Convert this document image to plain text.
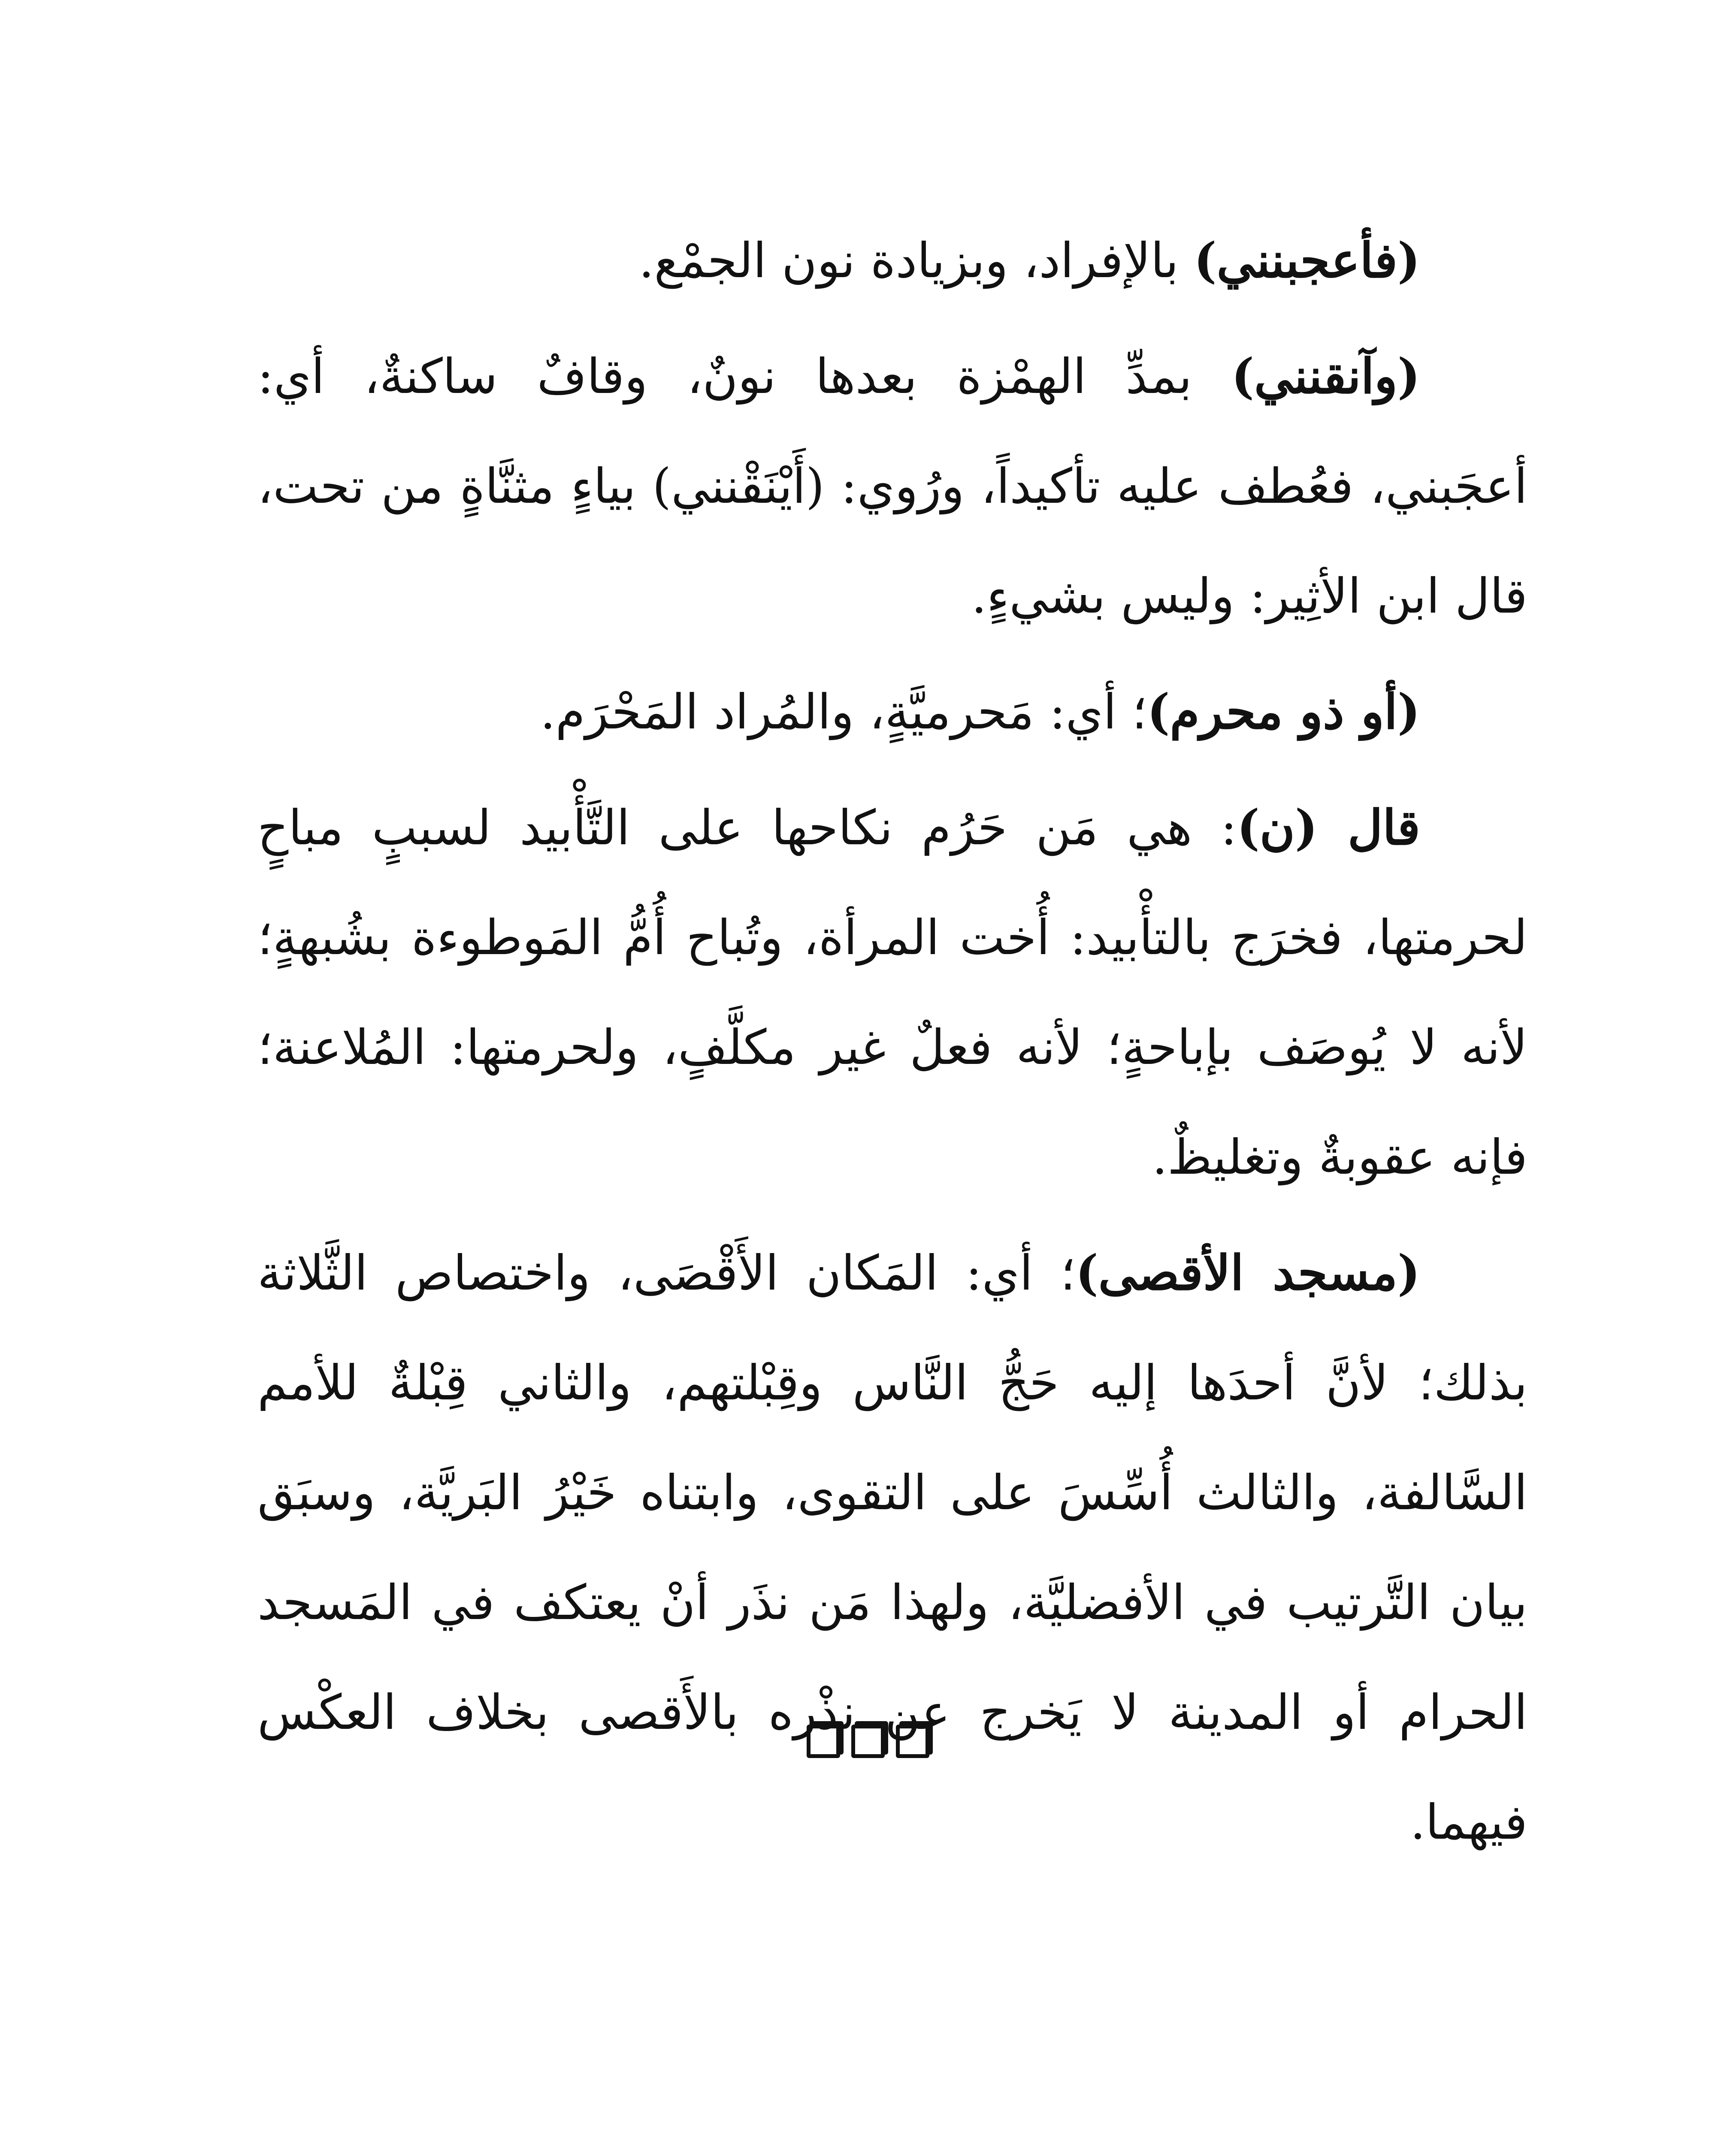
(فأعجبنني) بالإفراد، وبزيادة نون الجمْع.

(وآنقنني) بمدِّ الهمْزة بعدها نونٌ، وقافٌ ساكنةٌ، أي: أعجَبني، فعُطف عليه تأكيداً، ورُوي: (أَيْنَقْنني) بياءٍ مثنَّاةٍ من تحت، قال ابن الأثِير: وليس بشيءٍ.

(أو ذو محرم)؛ أي: مَحرميَّةٍ، والمُراد المَحْرَم.

قال (ن): هي مَن حَرُم نكاحها على التَّأْبيد لسببٍ مباحٍ لحرمتها، فخرَج بالتأْبيد: أُخت المرأة، وتُباح أُمُّ المَوطوءة بشُبهةٍ؛ لأنه لا يُوصَف بإباحةٍ؛ لأنه فعلٌ غير مكلَّفٍ، ولحرمتها: المُلاعنة؛ فإنه عقوبةٌ وتغليظٌ.

(مسجد الأقصى)؛ أي: المَكان الأَقْصَى، واختصاص الثَّلاثة بذلك؛ لأنَّ أحدَها إليه حَجُّ النَّاس وقِبْلتهم، والثاني قِبْلةٌ للأمم السَّالفة، والثالث أُسِّسَ على التقوى، وابتناه خَيْرُ البَريَّة، وسبَق بيان التَّرتيب في الأفضليَّة، ولهذا مَن نذَر أنْ يعتكف في المَسجد الحرام أو المدينة لا يَخرج عن نذْره بالأَقصى بخلاف العكْس فيهما.
